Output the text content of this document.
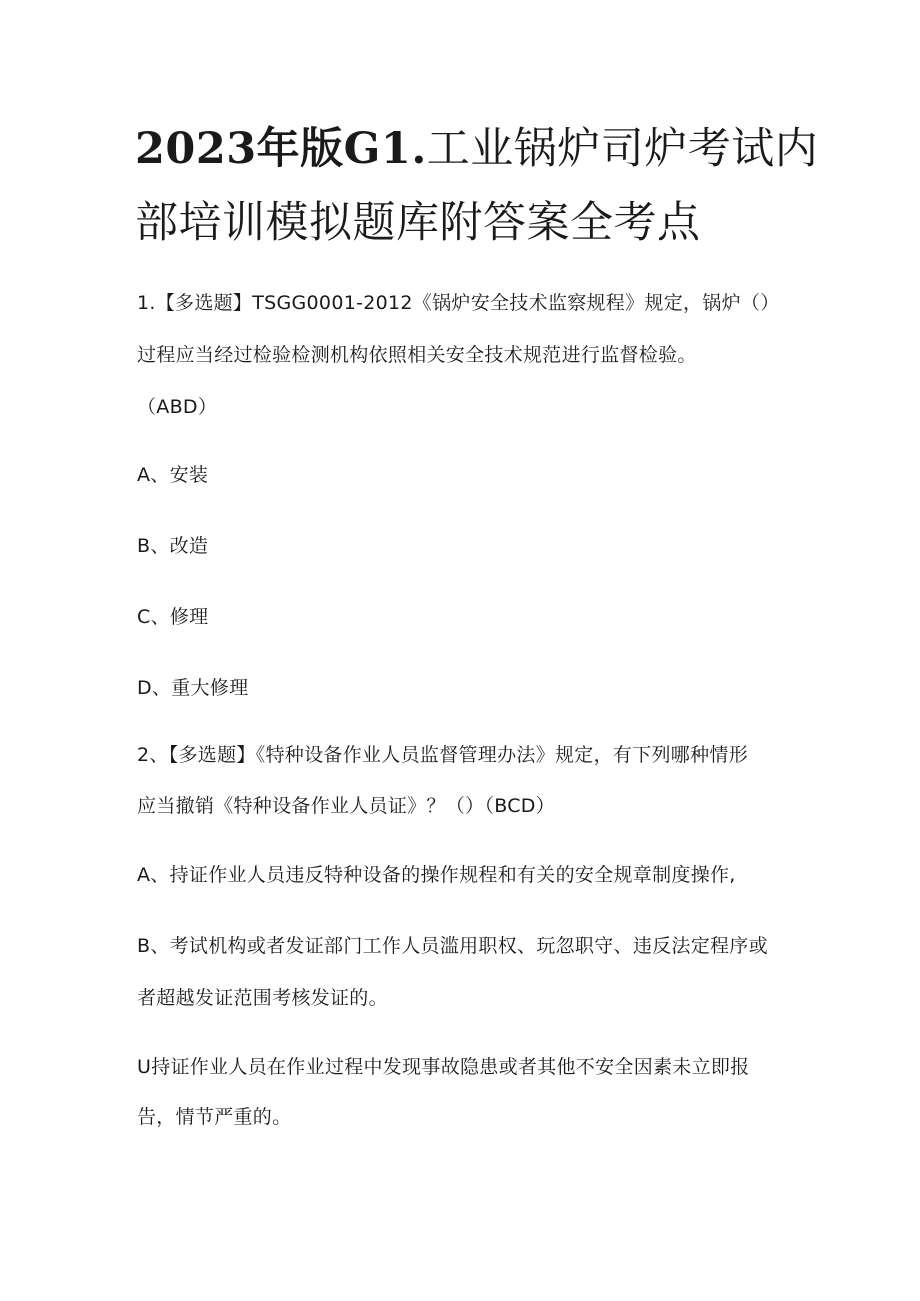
2023年版G1.工业锅炉司炉考试内
部培训模拟题库附答案全考点

1.【多选题】TSGG0001-2012《锅炉安全技术监察规程》规定，锅炉（）

过程应当经过检验检测机构依照相关安全技术规范进行监督检验。

（ABD）

A、安装

B、改造

C、修理

D、重大修理

2、【多选题】《特种设备作业人员监督管理办法》规定，有下列哪种情形

应当撤销《特种设备作业人员证》？（）（BCD）

A、持证作业人员违反特种设备的操作规程和有关的安全规章制度操作,

B、考试机构或者发证部门工作人员滥用职权、玩忽职守、违反法定程序或

者超越发证范围考核发证的。

U持证作业人员在作业过程中发现事故隐患或者其他不安全因素未立即报

告，情节严重的。
